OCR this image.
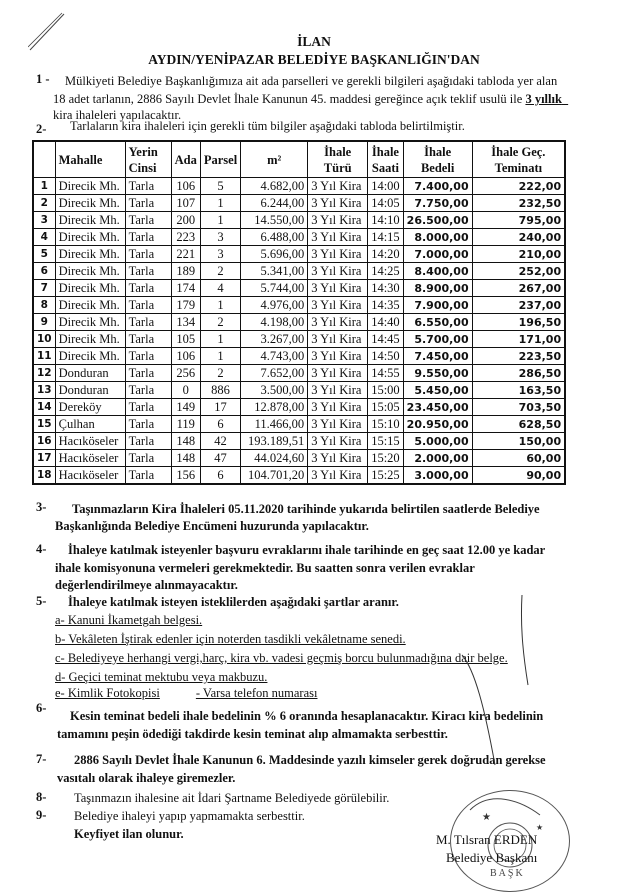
İLAN
AYDIN/YENİPAZAR BELEDİYE BAŞKANLIĞIN'DAN
1 - Mülkiyeti Belediye Başkanlığımıza ait ada parselleri ve gerekli bilgileri aşağıdaki tabloda yer alan
18 adet tarlanın, 2886 Sayılı Devlet İhale Kanunun 45. maddesi gereğince açık teklif usulü ile 3 yıllık
kira ihaleleri yapılacaktır.
2- Tarlaların kira ihaleleri için gerekli tüm bilgiler aşağıdaki tabloda belirtilmiştir.
	Mahalle	Yerin Cinsi	Ada	Parsel	m²	İhale Türü	İhale Saati	İhale Bedeli	İhale Geç. Teminatı
1	Direcik Mh.	Tarla	106	5	4.682,00	3 Yıl Kira	14:00	7.400,00	222,00
2	Direcik Mh.	Tarla	107	1	6.244,00	3 Yıl Kira	14:05	7.750,00	232,50
3	Direcik Mh.	Tarla	200	1	14.550,00	3 Yıl Kira	14:10	26.500,00	795,00
4	Direcik Mh.	Tarla	223	3	6.488,00	3 Yıl Kira	14:15	8.000,00	240,00
5	Direcik Mh.	Tarla	221	3	5.696,00	3 Yıl Kira	14:20	7.000,00	210,00
6	Direcik Mh.	Tarla	189	2	5.341,00	3 Yıl Kira	14:25	8.400,00	252,00
7	Direcik Mh.	Tarla	174	4	5.744,00	3 Yıl Kira	14:30	8.900,00	267,00
8	Direcik Mh.	Tarla	179	1	4.976,00	3 Yıl Kira	14:35	7.900,00	237,00
9	Direcik Mh.	Tarla	134	2	4.198,00	3 Yıl Kira	14:40	6.550,00	196,50
10	Direcik Mh.	Tarla	105	1	3.267,00	3 Yıl Kira	14:45	5.700,00	171,00
11	Direcik Mh.	Tarla	106	1	4.743,00	3 Yıl Kira	14:50	7.450,00	223,50
12	Donduran	Tarla	256	2	7.652,00	3 Yıl Kira	14:55	9.550,00	286,50
13	Donduran	Tarla	0	886	3.500,00	3 Yıl Kira	15:00	5.450,00	163,50
14	Dereköy	Tarla	149	17	12.878,00	3 Yıl Kira	15:05	23.450,00	703,50
15	Çulhan	Tarla	119	6	11.466,00	3 Yıl Kira	15:10	20.950,00	628,50
16	Hacıköseler	Tarla	148	42	193.189,51	3 Yıl Kira	15:15	5.000,00	150,00
17	Hacıköseler	Tarla	148	47	44.024,60	3 Yıl Kira	15:20	2.000,00	60,00
18	Hacıköseler	Tarla	156	6	104.701,20	3 Yıl Kira	15:25	3.000,00	90,00
3- Taşınmazların Kira İhaleleri 05.11.2020 tarihinde yukarıda belirtilen saatlerde Belediye
Başkanlığında Belediye Encümeni huzurunda yapılacaktır.
4- İhaleye katılmak isteyenler başvuru evraklarını ihale tarihinde en geç saat 12.00 ye kadar
ihale komisyonuna vermeleri gerekmektedir. Bu saatten sonra verilen evraklar
değerlendirilmeye alınmayacaktır.
5- İhaleye katılmak isteyen isteklilerden aşağıdaki şartlar aranır.
a- Kanuni İkametgah belgesi.
b- Vekâleten İştirak edenler için noterden tasdikli vekâletname senedi.
c- Belediyeye herhangi vergi,harç, kira vb. vadesi geçmiş borcu bulunmadığına dair belge.
d- Geçici teminat mektubu veya makbuzu.
e- Kimlik Fotokopisi	- Varsa telefon numarası
6-
Kesin teminat bedeli ihale bedelinin % 6 oranında hesaplanacaktır. Kiracı kira bedelinin
tamamını peşin ödediği takdirde kesin teminat alıp almamakta serbesttir.
7- 2886 Sayılı Devlet İhale Kanunun 6. Maddesinde yazılı kimseler gerek doğrudan gerekse
vasıtalı olarak ihaleye giremezler.
8- Taşınmazın ihalesine ait İdari Şartname Belediyede görülebilir.
9- Belediye ihaleyi yapıp yapmamakta serbesttir.
Keyfiyet ilan olunur.
★
★
M. Tılsran ERDEN
Belediye Başkanı
BAŞK
